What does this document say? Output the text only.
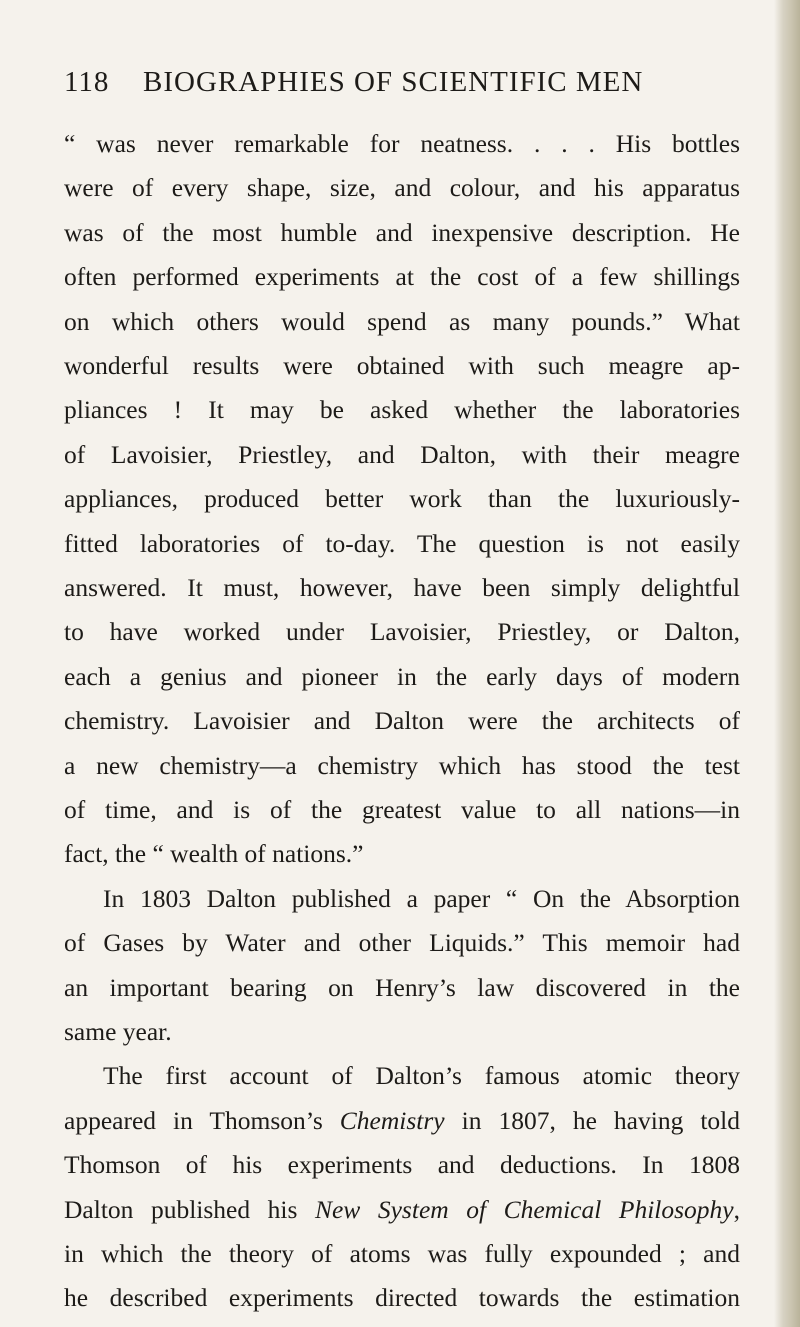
118 BIOGRAPHIES OF SCIENTIFIC MEN
“ was never remarkable for neatness. . . . His bottles
were of every shape, size, and colour, and his apparatus
was of the most humble and inexpensive description. He
often performed experiments at the cost of a few shillings
on which others would spend as many pounds.” What
wonderful results were obtained with such meagre ap-
pliances ! It may be asked whether the laboratories
of Lavoisier, Priestley, and Dalton, with their meagre
appliances, produced better work than the luxuriously-
fitted laboratories of to-day. The question is not easily
answered. It must, however, have been simply delightful
to have worked under Lavoisier, Priestley, or Dalton,
each a genius and pioneer in the early days of modern
chemistry. Lavoisier and Dalton were the architects of
a new chemistry—a chemistry which has stood the test
of time, and is of the greatest value to all nations—in
fact, the “ wealth of nations.”
In 1803 Dalton published a paper “ On the Absorption
of Gases by Water and other Liquids.” This memoir had
an important bearing on Henry’s law discovered in the
same year.
The first account of Dalton’s famous atomic theory
appeared in Thomson’s Chemistry in 1807, he having told
Thomson of his experiments and deductions. In 1808
Dalton published his New System of Chemical Philosophy,
in which the theory of atoms was fully expounded ; and
he described experiments directed towards the estimation
